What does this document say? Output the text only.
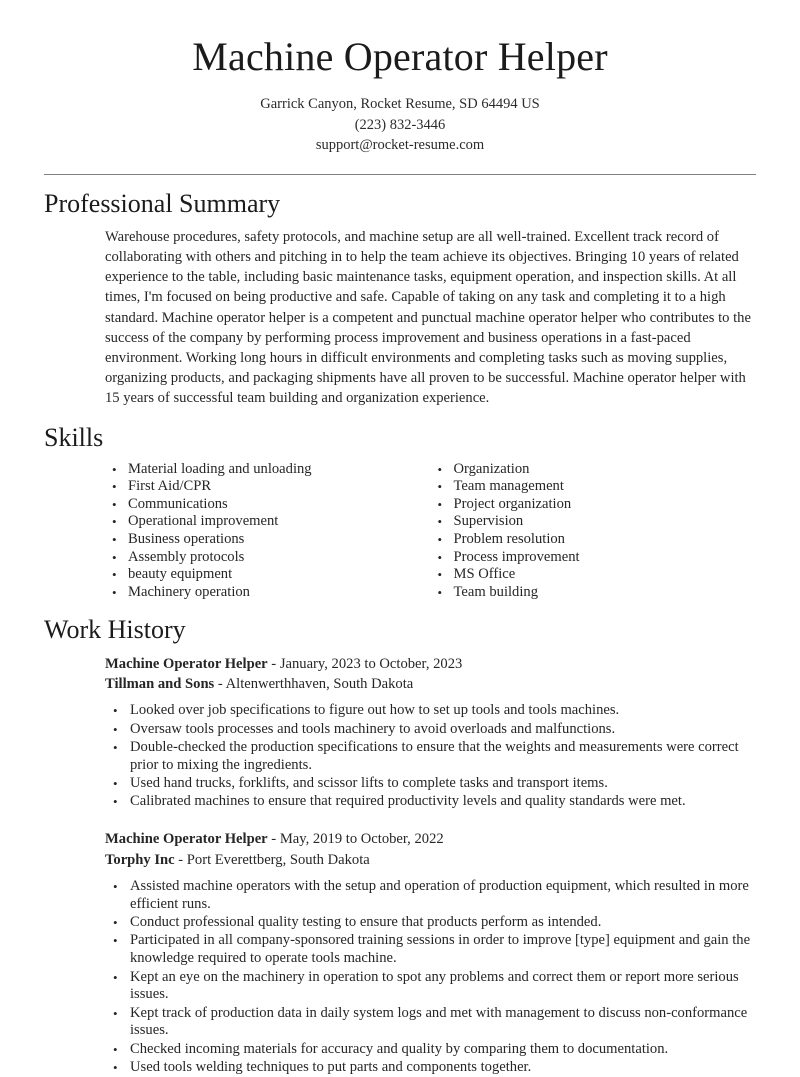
Machine Operator Helper

Garrick Canyon, Rocket Resume, SD 64494 US

(223) 832-3446

support@rocket-resume.com

Professional Summary

Warehouse procedures, safety protocols, and machine setup are all well-trained. Excellent track record of collaborating with others and pitching in to help the team achieve its objectives. Bringing 10 years of related experience to the table, including basic maintenance tasks, equipment operation, and inspection skills. At all times, I'm focused on being productive and safe. Capable of taking on any task and completing it to a high standard. Machine operator helper is a competent and punctual machine operator helper who contributes to the success of the company by performing process improvement and business operations in a fast-paced environment. Working long hours in difficult environments and completing tasks such as moving supplies, organizing products, and packaging shipments have all proven to be successful. Machine operator helper with 15 years of successful team building and organization experience.

Skills
• Material loading and unloading
• First Aid/CPR
• Communications
• Operational improvement
• Business operations
• Assembly protocols
• beauty equipment
• Machinery operation
• Organization
• Team management
• Project organization
• Supervision
• Problem resolution
• Process improvement
• MS Office
• Team building
Work History
Machine Operator Helper - January, 2023 to October, 2023
Tillman and Sons - Altenwerthhaven, South Dakota
• Looked over job specifications to figure out how to set up tools and tools machines.
• Oversaw tools processes and tools machinery to avoid overloads and malfunctions.
• Double-checked the production specifications to ensure that the weights and measurements were correct prior to mixing the ingredients.
• Used hand trucks, forklifts, and scissor lifts to complete tasks and transport items.
• Calibrated machines to ensure that required productivity levels and quality standards were met.
Machine Operator Helper - May, 2019 to October, 2022
Torphy Inc - Port Everettberg, South Dakota
• Assisted machine operators with the setup and operation of production equipment, which resulted in more efficient runs.
• Conduct professional quality testing to ensure that products perform as intended.
• Participated in all company-sponsored training sessions in order to improve [type] equipment and gain the knowledge required to operate tools machine.
• Kept an eye on the machinery in operation to spot any problems and correct them or report more serious issues.
• Kept track of production data in daily system logs and met with management to discuss non-conformance issues.
• Checked incoming materials for accuracy and quality by comparing them to documentation.
• Used tools welding techniques to put parts and components together.
